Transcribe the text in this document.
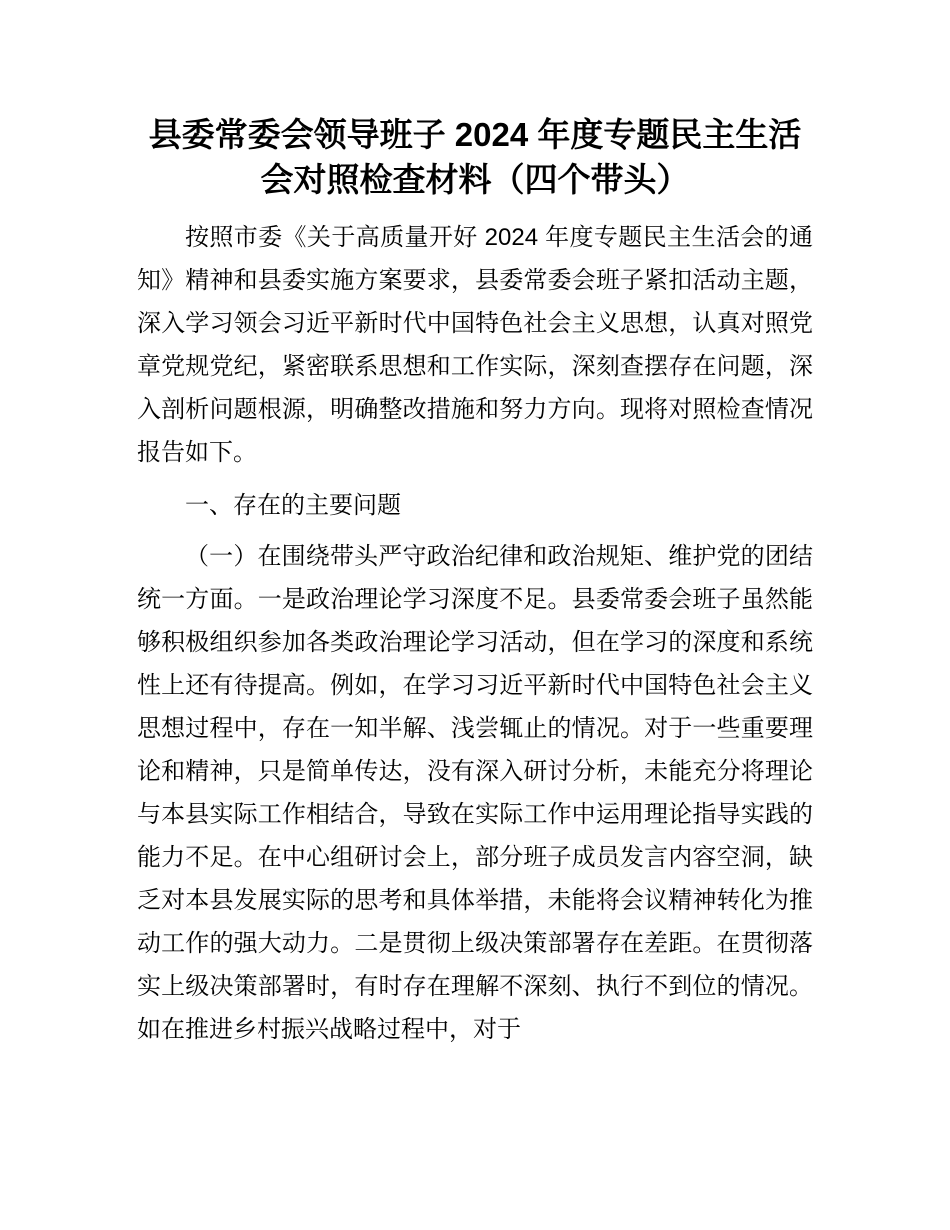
县委常委会领导班子 2024 年度专题民主生活会对照检查材料（四个带头）

按照市委《关于高质量开好 2024 年度专题民主生活会的通知》精神和县委实施方案要求，县委常委会班子紧扣活动主题，深入学习领会习近平新时代中国特色社会主义思想，认真对照党章党规党纪，紧密联系思想和工作实际，深刻查摆存在问题，深入剖析问题根源，明确整改措施和努力方向。现将对照检查情况报告如下。

一、存在的主要问题

（一）在围绕带头严守政治纪律和政治规矩、维护党的团结统一方面。一是政治理论学习深度不足。县委常委会班子虽然能够积极组织参加各类政治理论学习活动，但在学习的深度和系统性上还有待提高。例如，在学习习近平新时代中国特色社会主义思想过程中，存在一知半解、浅尝辄止的情况。对于一些重要理论和精神，只是简单传达，没有深入研讨分析，未能充分将理论与本县实际工作相结合，导致在实际工作中运用理论指导实践的能力不足。在中心组研讨会上，部分班子成员发言内容空洞，缺乏对本县发展实际的思考和具体举措，未能将会议精神转化为推动工作的强大动力。二是贯彻上级决策部署存在差距。在贯彻落实上级决策部署时，有时存在理解不深刻、执行不到位的情况。如在推进乡村振兴战略过程中，对于
